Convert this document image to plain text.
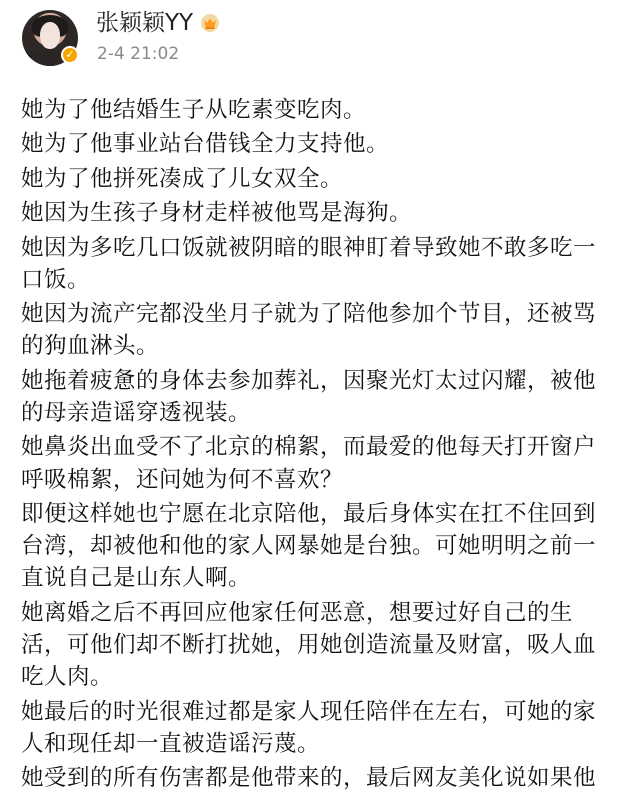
✓
张颖颖YY
2-4 21:02

她为了他结婚生子从吃素变吃肉。

她为了他事业站台借钱全力支持他。

她为了他拼死凑成了儿女双全。

她因为生孩子身材走样被他骂是海狗。

她因为多吃几口饭就被阴暗的眼神盯着导致她不敢多吃一
口饭。

她因为流产完都没坐月子就为了陪他参加个节目，还被骂
的狗血淋头。

她拖着疲惫的身体去参加葬礼，因聚光灯太过闪耀，被他
的母亲造谣穿透视装。

她鼻炎出血受不了北京的棉絮，而最爱的他每天打开窗户
呼吸棉絮，还问她为何不喜欢？

即便这样她也宁愿在北京陪他，最后身体实在扛不住回到
台湾，却被他和他的家人网暴她是台独。可她明明之前一
直说自己是山东人啊。

她离婚之后不再回应他家任何恶意，想要过好自己的生
活，可他们却不断打扰她，用她创造流量及财富，吸人血
吃人肉。

她最后的时光很难过都是家人现任陪伴在左右，可她的家
人和现任却一直被造谣污蔑。

她受到的所有伤害都是他带来的，最后网友美化说如果他
